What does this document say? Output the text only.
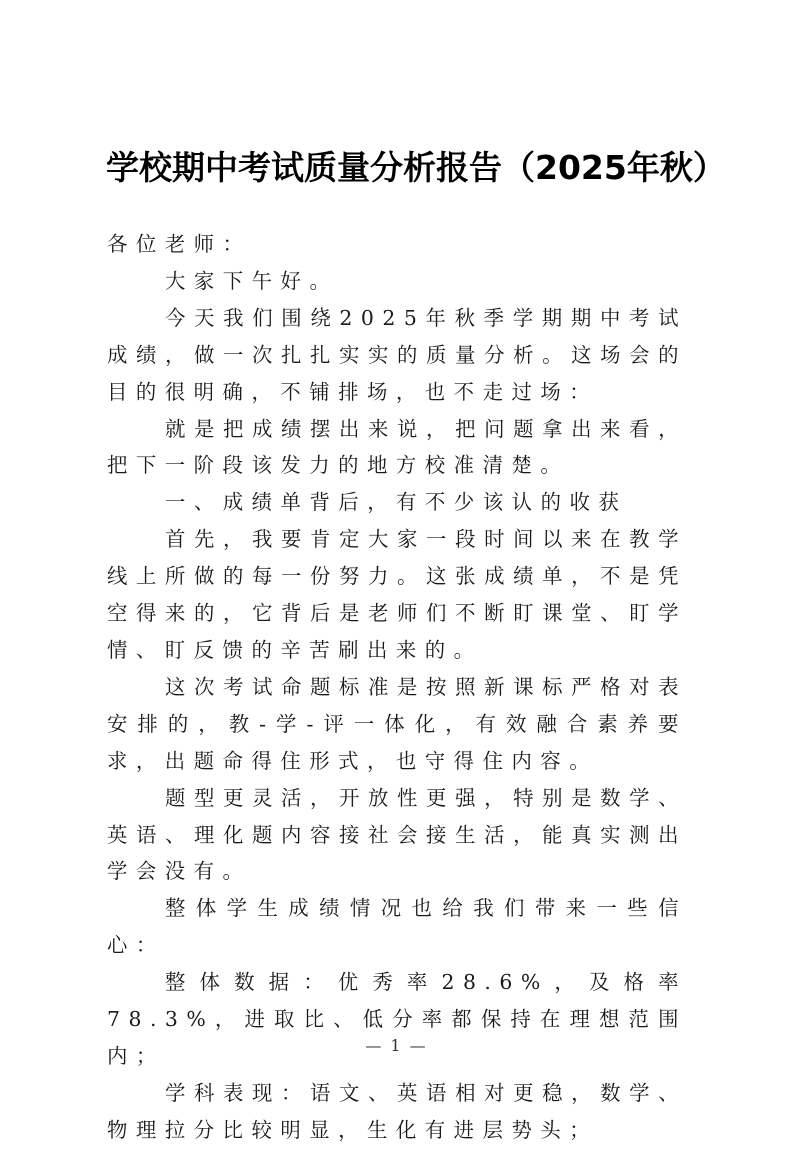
学校期中考试质量分析报告（2025年秋）

各位老师：

大家下午好。

今天我们围绕2025年秋季学期期中考试成绩，做一次扎扎实实的质量分析。这场会的目的很明确，不铺排场，也不走过场：

就是把成绩摆出来说，把问题拿出来看，把下一阶段该发力的地方校准清楚。

一、成绩单背后，有不少该认的收获

首先，我要肯定大家一段时间以来在教学线上所做的每一份努力。这张成绩单，不是凭空得来的，它背后是老师们不断盯课堂、盯学情、盯反馈的辛苦刷出来的。

这次考试命题标准是按照新课标严格对表安排的，教-学-评一体化，有效融合素养要求，出题命得住形式，也守得住内容。

题型更灵活，开放性更强，特别是数学、英语、理化题内容接社会接生活，能真实测出学会没有。

整体学生成绩情况也给我们带来一些信心：

整体数据：优秀率28.6%，及格率78.3%，进取比、低分率都保持在理想范围内；

学科表现：语文、英语相对更稳，数学、物理拉分比较明显，生化有进层势头；

— 1 —
